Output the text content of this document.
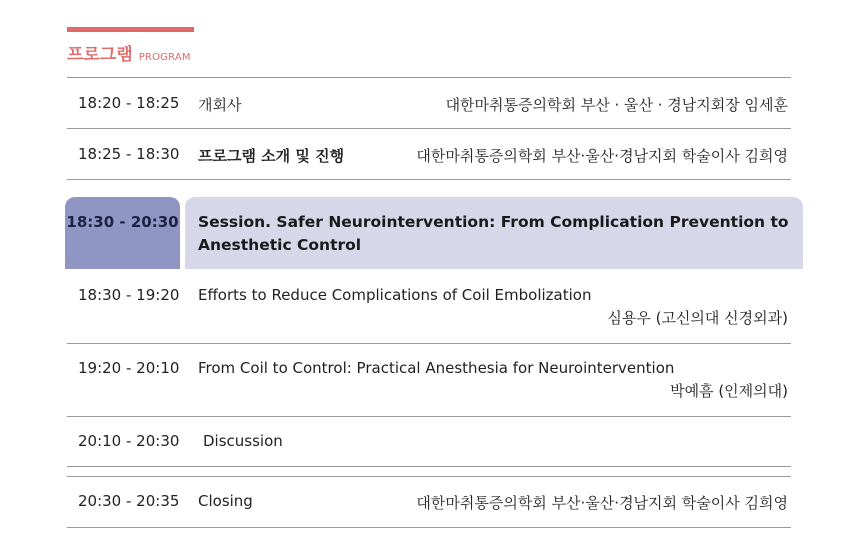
프로그램 PROGRAM
18:20 - 18:25 개회사	대한마취통증의학회 부산 · 울산 · 경남지회장 임세훈
18:25 - 18:30 프로그램 소개 및 진행	대한마취통증의학회 부산·울산·경남지회 학술이사 김희영
18:30 - 20:30	Session. Safer Neurointervention: From Complication Prevention to Anesthetic Control
18:30 - 19:20 Efforts to Reduce Complications of Coil Embolization
심용우 (고신의대 신경외과)
19:20 - 20:10 From Coil to Control: Practical Anesthesia for Neurointervention
박예흠 (인제의대)
20:10 - 20:30 Discussion
20:30 - 20:35 Closing	대한마취통증의학회 부산·울산·경남지회 학술이사 김희영
